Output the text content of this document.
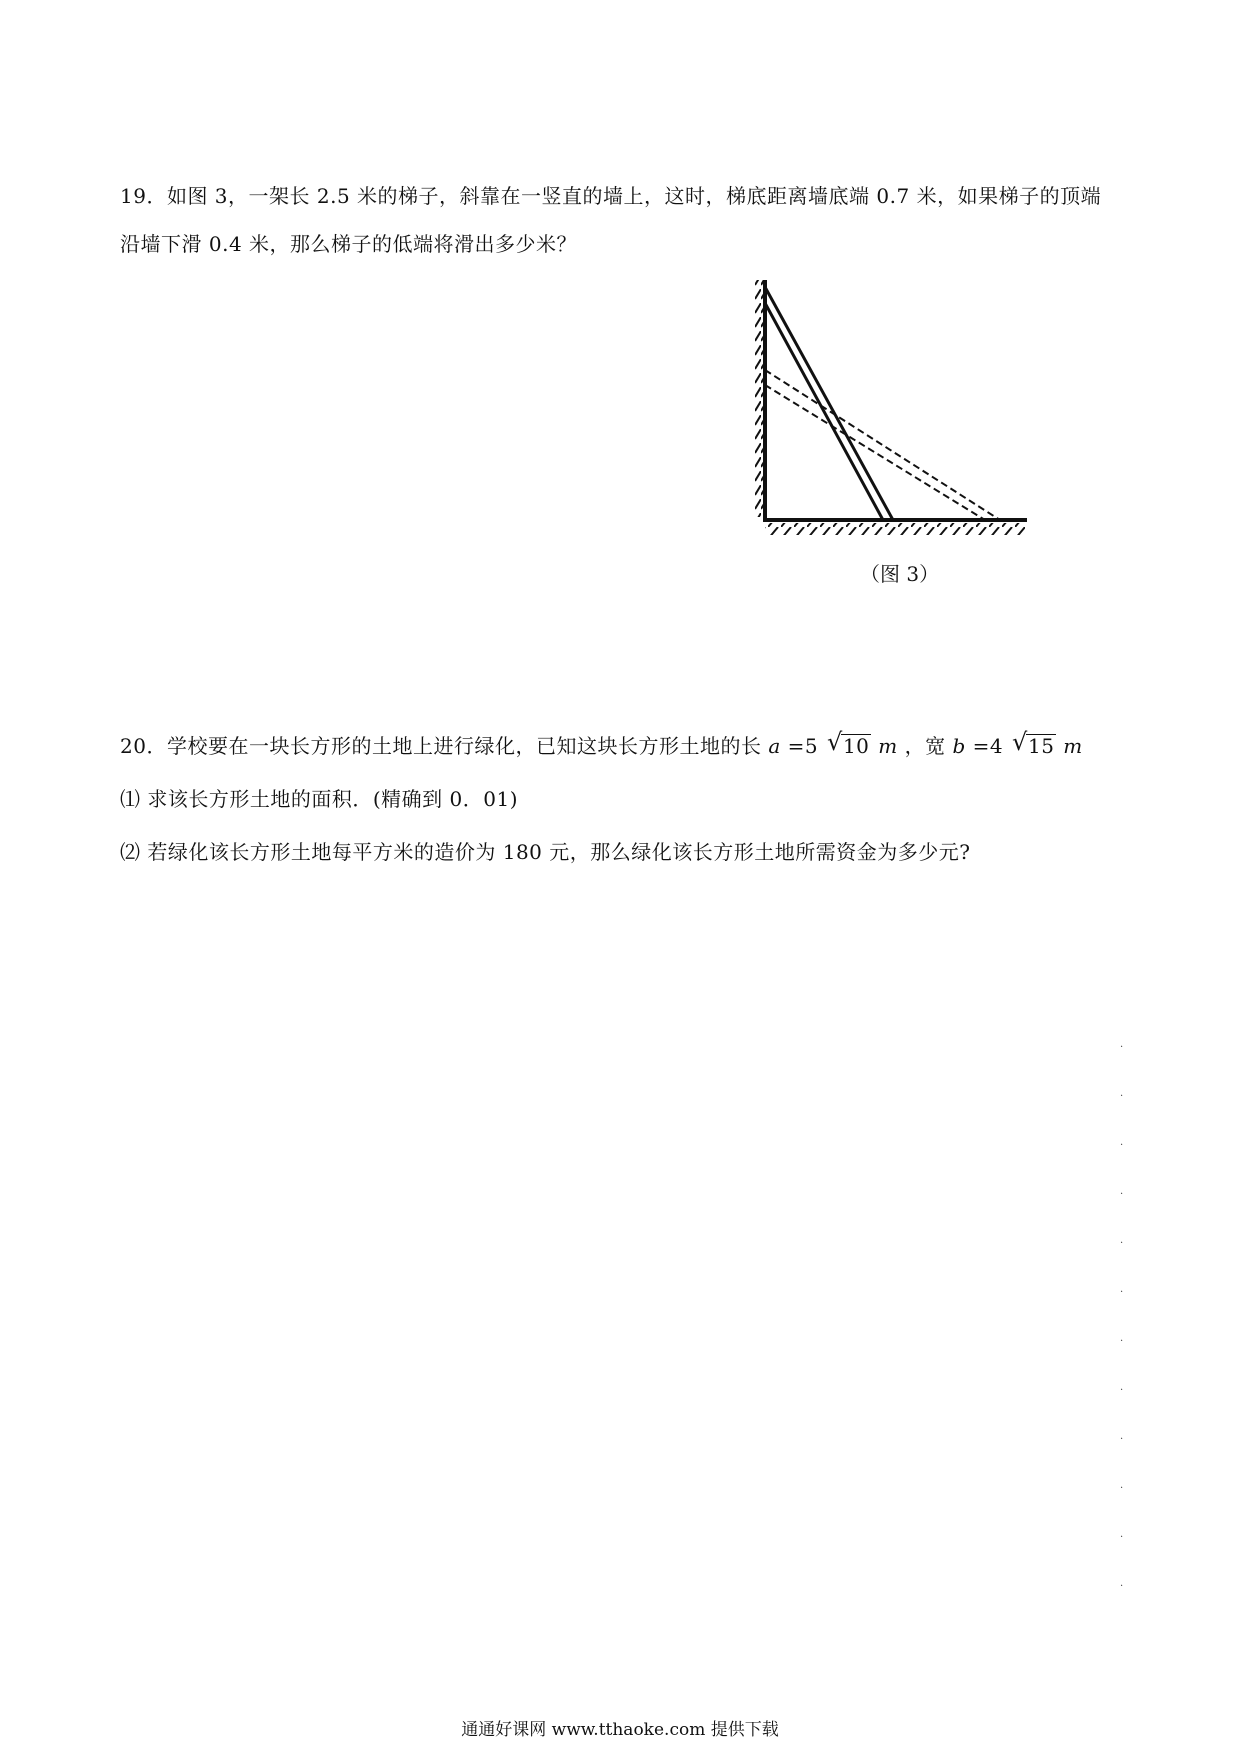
19．如图 3，一架长 2.5 米的梯子，斜靠在一竖直的墙上，这时，梯底距离墙底端 0.7 米，如果梯子的顶端
沿墙下滑 0.4 米，那么梯子的低端将滑出多少米？
（图 3）
20．学校要在一块长方形的土地上进行绿化，已知这块长方形土地的长 a =5 √ 10 m ，宽 b =4 √ 15 m
⑴ 求该长方形土地的面积．(精确到 0．01)
⑵ 若绿化该长方形土地每平方米的造价为 180 元，那么绿化该长方形土地所需资金为多少元?
.
.
.
.
.
.
.
.
.
.
.
.
通通好课网 www.tthaoke.com 提供下载
